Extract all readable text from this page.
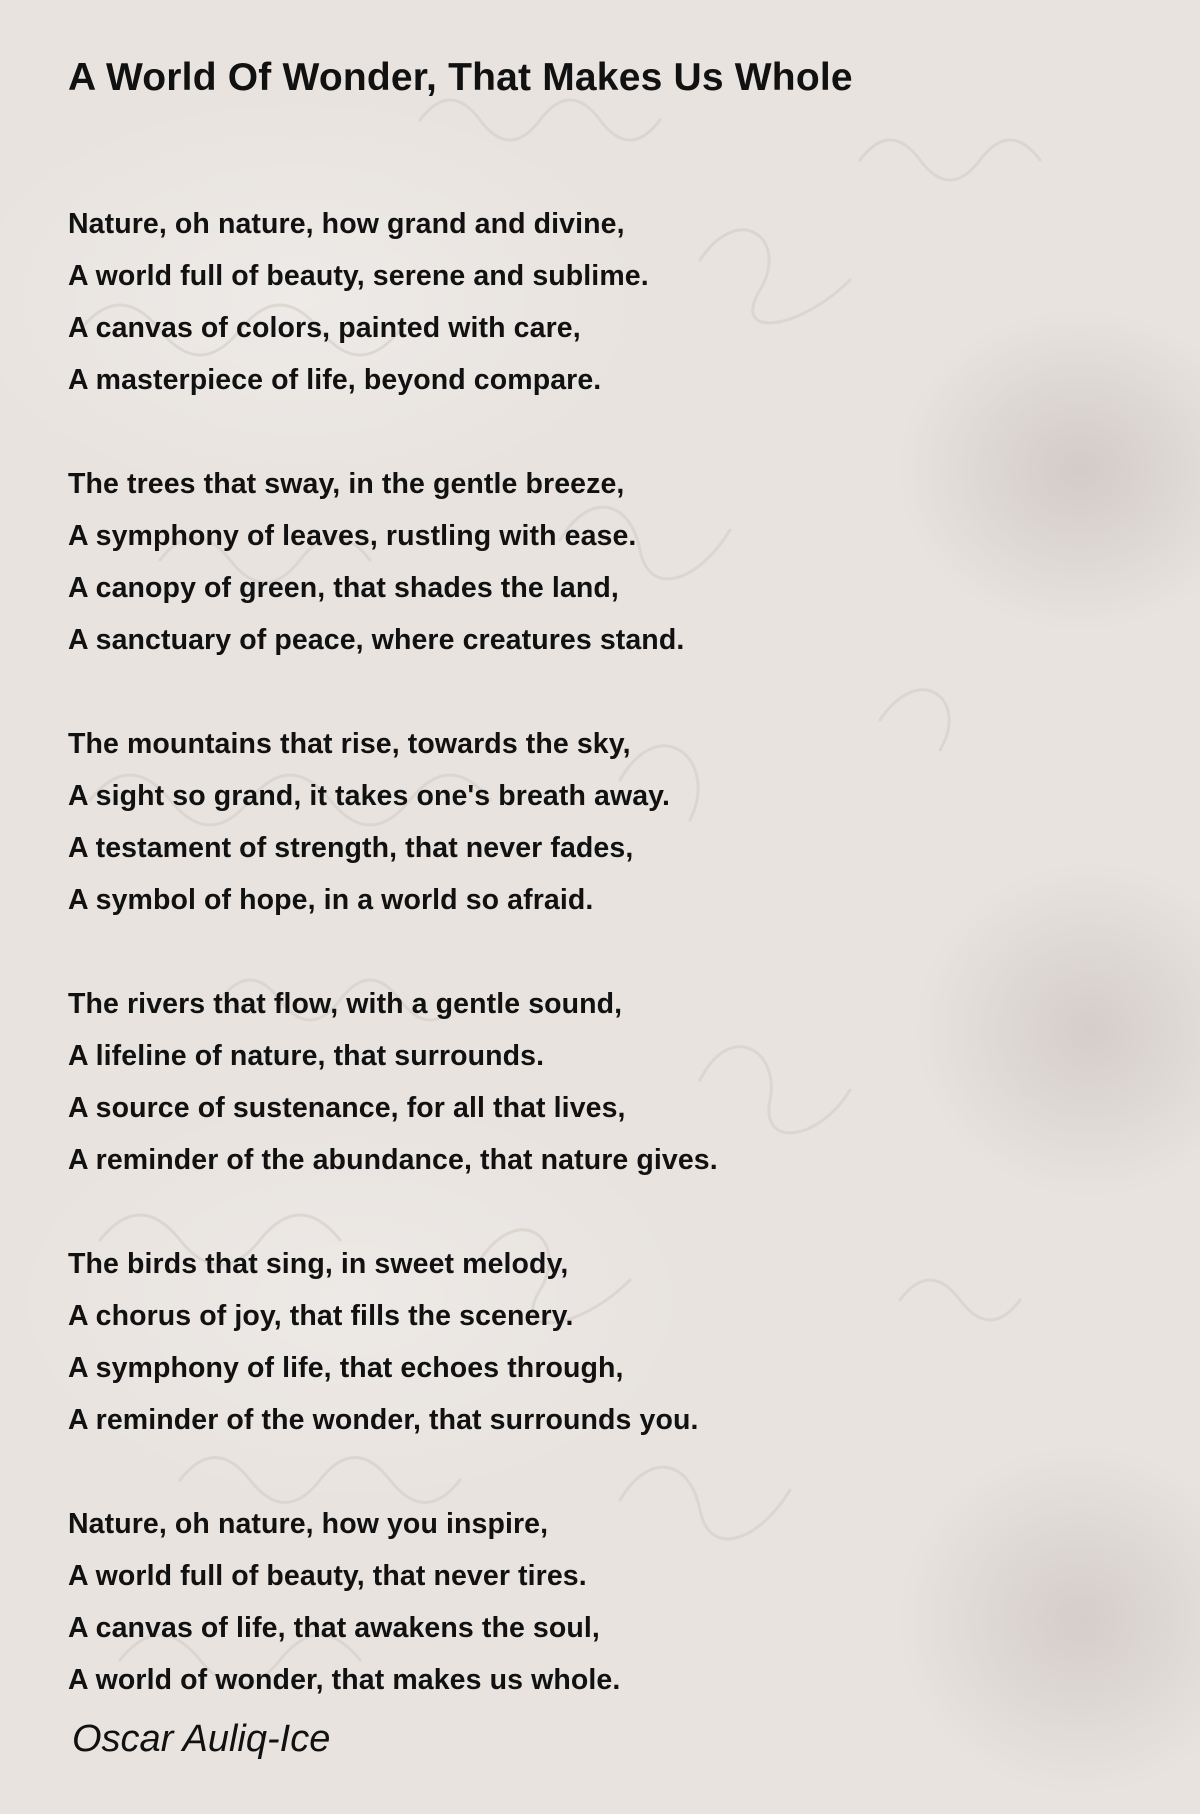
A World Of Wonder, That Makes Us Whole
Nature, oh nature, how grand and divine,
A world full of beauty, serene and sublime.
A canvas of colors, painted with care,
A masterpiece of life, beyond compare.
The trees that sway, in the gentle breeze,
A symphony of leaves, rustling with ease.
A canopy of green, that shades the land,
A sanctuary of peace, where creatures stand.
The mountains that rise, towards the sky,
A sight so grand, it takes one's breath away.
A testament of strength, that never fades,
A symbol of hope, in a world so afraid.
The rivers that flow, with a gentle sound,
A lifeline of nature, that surrounds.
A source of sustenance, for all that lives,
A reminder of the abundance, that nature gives.
The birds that sing, in sweet melody,
A chorus of joy, that fills the scenery.
A symphony of life, that echoes through,
A reminder of the wonder, that surrounds you.
Nature, oh nature, how you inspire,
A world full of beauty, that never tires.
A canvas of life, that awakens the soul,
A world of wonder, that makes us whole.
Oscar Auliq-Ice
